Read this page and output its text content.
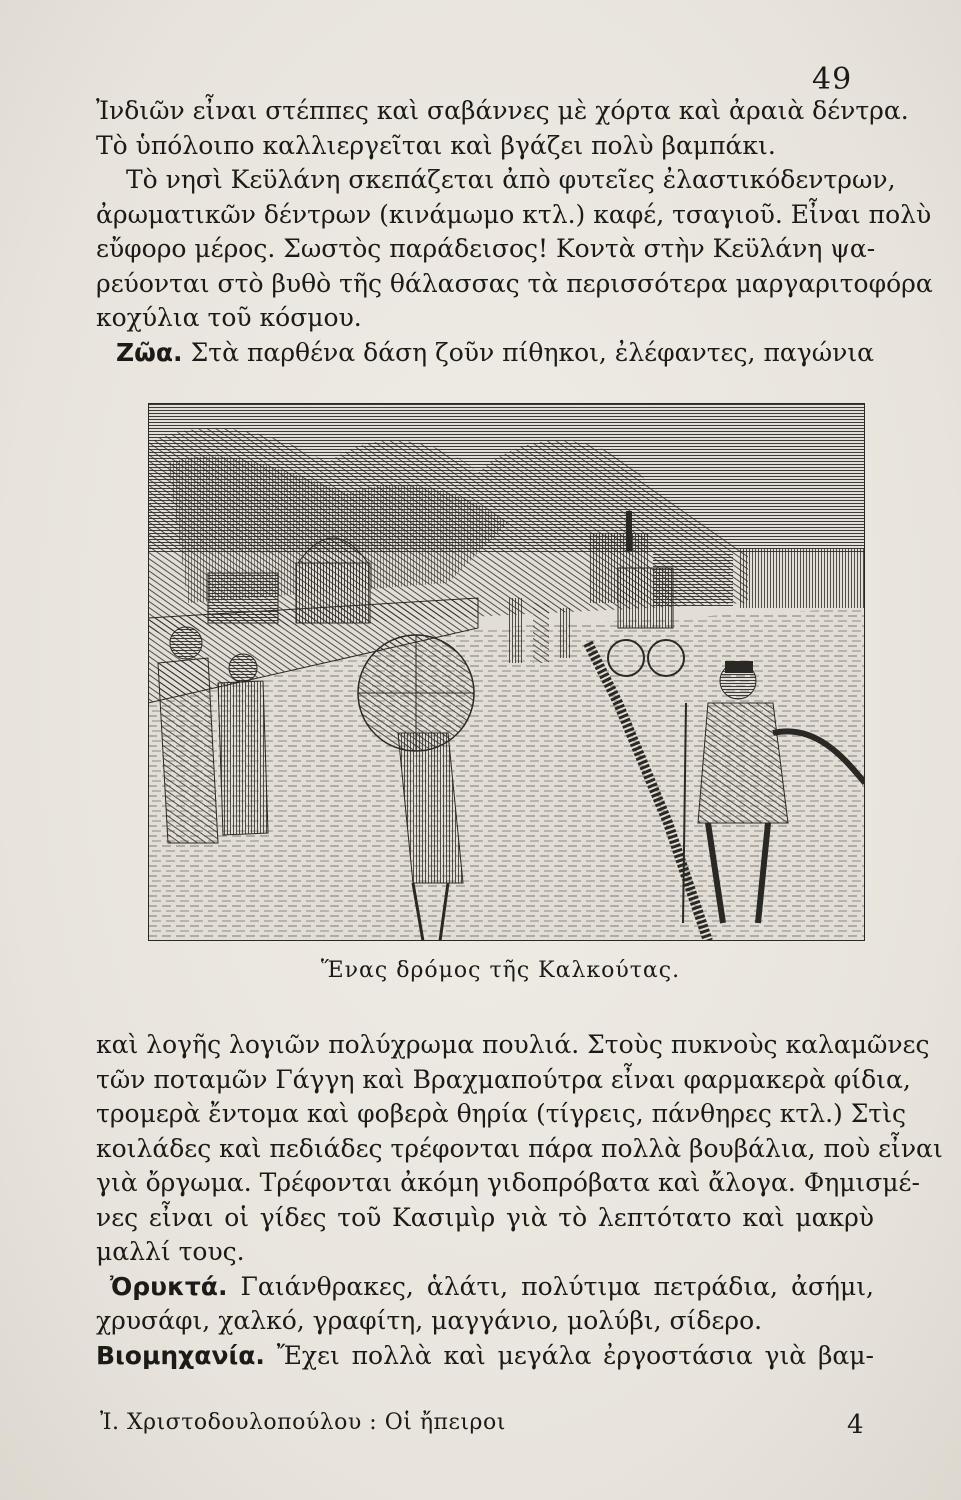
49
Ἰνδιῶν εἶναι στέππες καὶ σαβάννες μὲ χόρτα καὶ ἀραιὰ δέντρα.
Τὸ ὑπόλοιπο καλλιεργεῖται καὶ βγάζει πολὺ βαμπάκι.
Τὸ νησὶ Κεϋλάνη σκεπάζεται ἀπὸ φυτεῖες ἐλαστικόδεντρων,
ἀρωματικῶν δέντρων (κινάμωμο κτλ.) καφέ, τσαγιοῦ. Εἶναι πολὺ
εὔφορο μέρος. Σωστὸς παράδεισος! Κοντὰ στὴν Κεϋλάνη ψα-
ρεύονται στὸ βυθὸ τῆς θάλασσας τὰ περισσότερα μαργαριτοφόρα
κοχύλια τοῦ κόσμου.
Ζῶα. Στὰ παρθένα δάση ζοῦν πίθηκοι, ἐλέφαντες, παγώνια
Ἕνας δρόμος τῆς Καλκούτας.
καὶ λογῆς λογιῶν πολύχρωμα πουλιά. Στοὺς πυκνοὺς καλαμῶνες
τῶν ποταμῶν Γάγγη καὶ Βραχμαπούτρα εἶναι φαρμακερὰ φίδια,
τρομερὰ ἔντομα καὶ φοβερὰ θηρία (τίγρεις, πάνθηρες κτλ.) Στὶς
κοιλάδες καὶ πεδιάδες τρέφονται πάρα πολλὰ βουβάλια, ποὺ εἶναι
γιὰ ὄργωμα. Τρέφονται ἀκόμη γιδοπρόβατα καὶ ἄλογα. Φημισμέ-
νες εἶναι οἱ γίδες τοῦ Κασιμὶρ γιὰ τὸ λεπτότατο καὶ μακρὺ
μαλλί τους.
Ὀρυκτά. Γαιάνθρακες, ἁλάτι, πολύτιμα πετράδια, ἀσήμι,
χρυσάφι, χαλκό, γραφίτη, μαγγάνιο, μολύβι, σίδερο.
Βιομηχανία. Ἔχει πολλὰ καὶ μεγάλα ἐργοστάσια γιὰ βαμ-
Ἰ. Χριστοδουλοπούλου : Οἱ ἤπειροι	4
